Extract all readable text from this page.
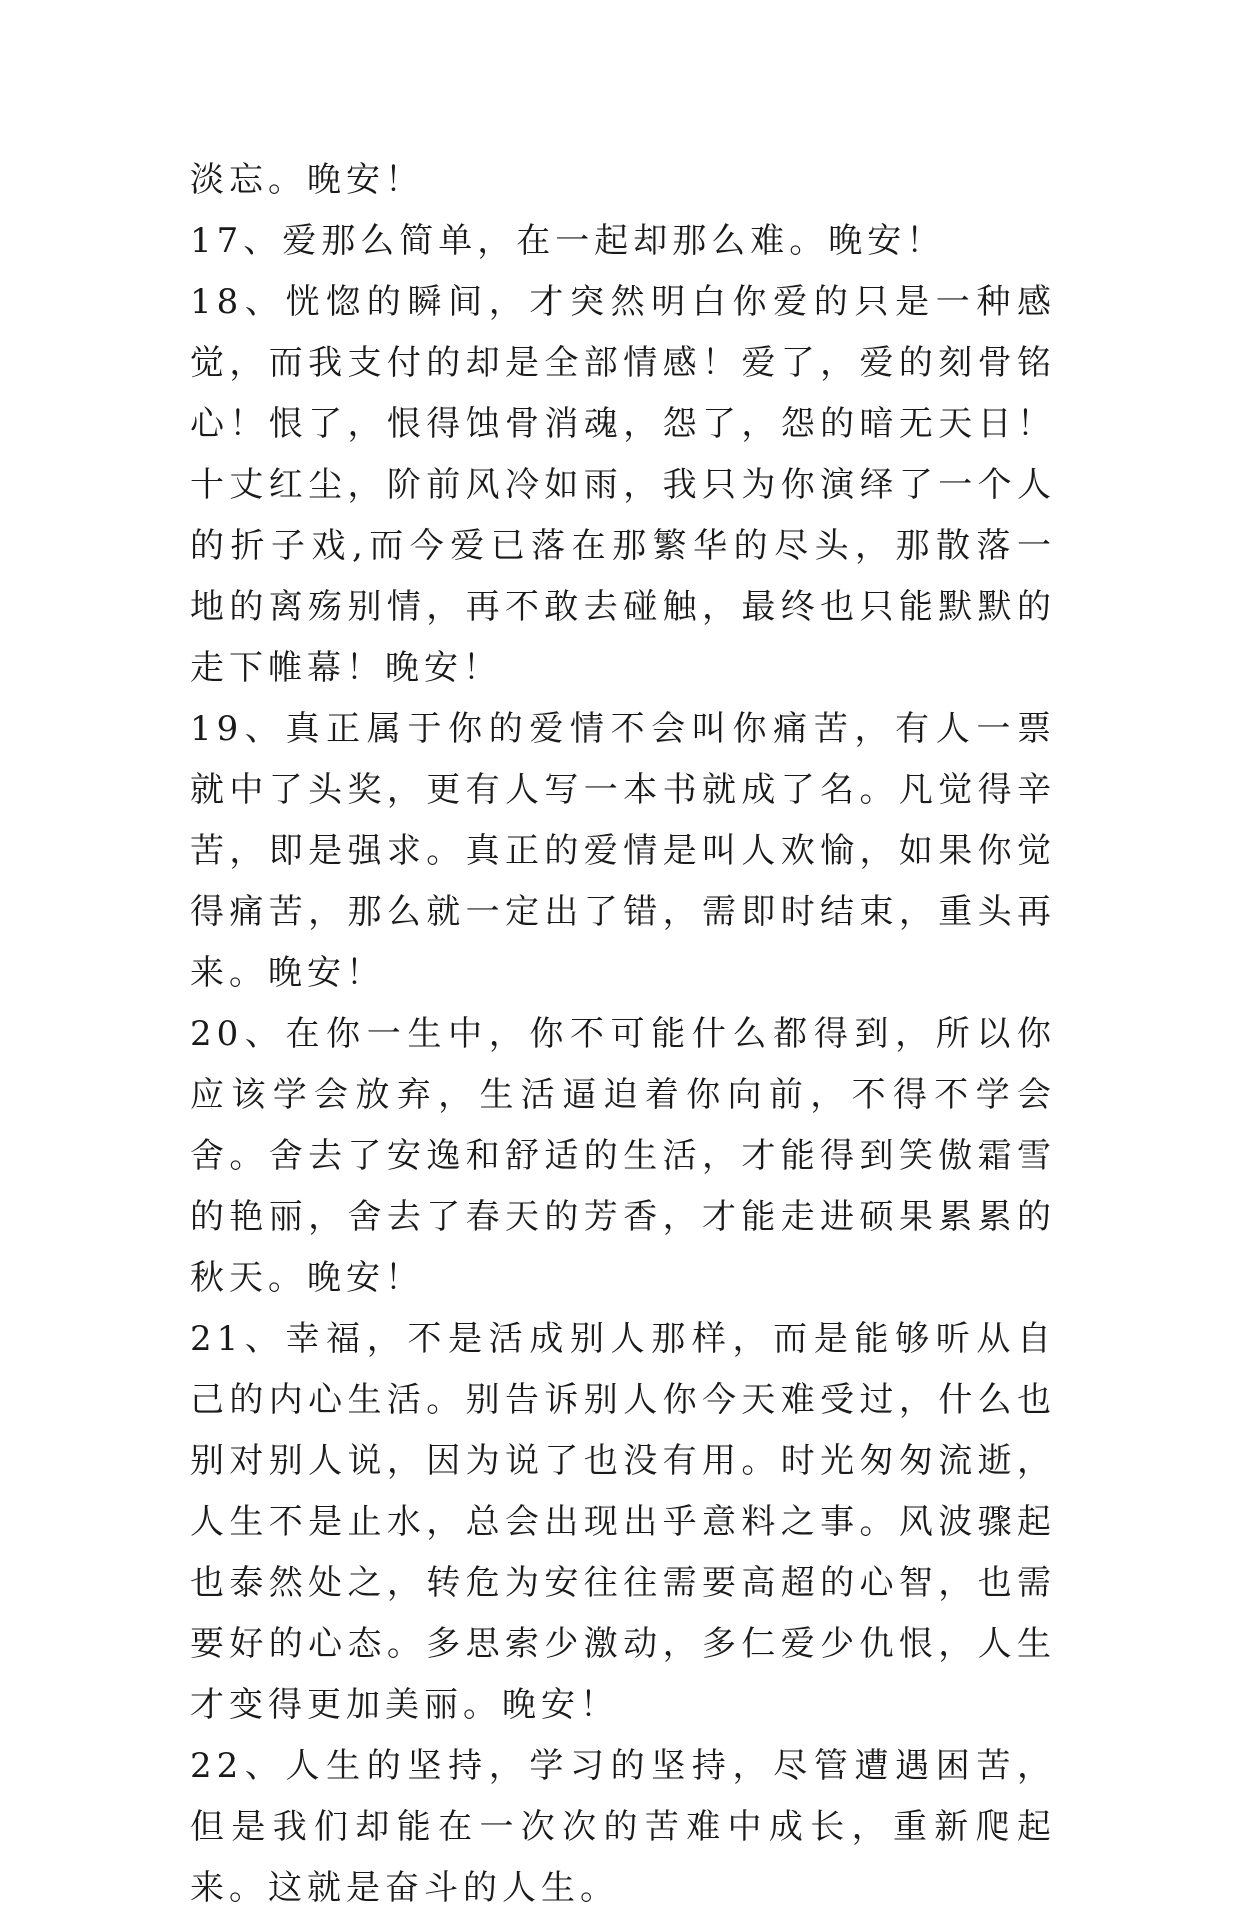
淡忘。晚安！

17、爱那么简单，在一起却那么难。晚安！

18、恍惚的瞬间，才突然明白你爱的只是一种感觉，而我支付的却是全部情感！爱了，爱的刻骨铭心！恨了，恨得蚀骨消魂，怨了，怨的暗无天日！十丈红尘，阶前风冷如雨，我只为你演绎了一个人的折子戏,而今爱已落在那繁华的尽头，那散落一地的离殇别情，再不敢去碰触，最终也只能默默的走下帷幕！晚安！

19、真正属于你的爱情不会叫你痛苦，有人一票就中了头奖，更有人写一本书就成了名。凡觉得辛苦，即是强求。真正的爱情是叫人欢愉，如果你觉得痛苦，那么就一定出了错，需即时结束，重头再来。晚安！

20、在你一生中，你不可能什么都得到，所以你应该学会放弃，生活逼迫着你向前，不得不学会舍。舍去了安逸和舒适的生活，才能得到笑傲霜雪的艳丽，舍去了春天的芳香，才能走进硕果累累的秋天。晚安！

21、幸福，不是活成别人那样，而是能够听从自己的内心生活。别告诉别人你今天难受过，什么也别对别人说，因为说了也没有用。时光匆匆流逝，人生不是止水，总会出现出乎意料之事。风波骤起也泰然处之，转危为安往往需要高超的心智，也需要好的心态。多思索少激动，多仁爱少仇恨，人生才变得更加美丽。晚安！

22、人生的坚持，学习的坚持，尽管遭遇困苦，但是我们却能在一次次的苦难中成长，重新爬起来。这就是奋斗的人生。
